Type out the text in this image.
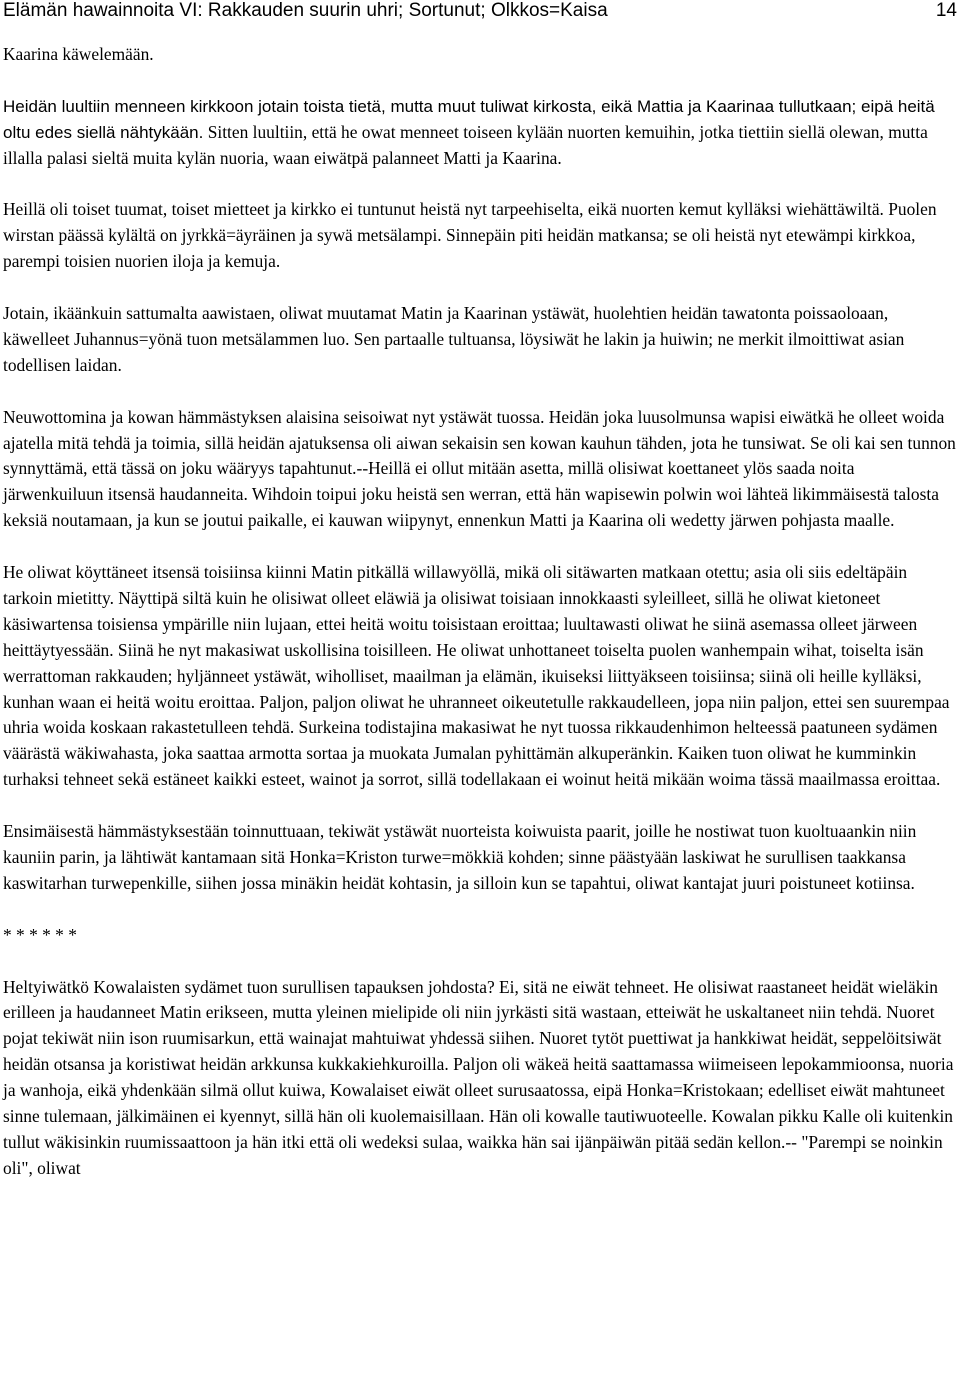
Elämän hawainnoita VI: Rakkauden suurin uhri; Sortunut; Olkkos=Kaisa	14

Kaarina käwelemään.

Heidän luultiin menneen kirkkoon jotain toista tietä, mutta muut tuliwat kirkosta, eikä Mattia ja Kaarinaa tullutkaan; eipä heitä oltu edes siellä nähtykään. Sitten luultiin, että he owat menneet toiseen kylään nuorten kemuihin, jotka tiettiin siellä olewan, mutta illalla palasi sieltä muita kylän nuoria, waan eiwätpä palanneet Matti ja Kaarina.

Heillä oli toiset tuumat, toiset mietteet ja kirkko ei tuntunut heistä nyt tarpeehiselta, eikä nuorten kemut kylläksi wiehättäwiltä. Puolen wirstan päässä kylältä on jyrkkä=äyräinen ja sywä metsälampi. Sinnepäin piti heidän matkansa; se oli heistä nyt etewämpi kirkkoa, parempi toisien nuorien iloja ja kemuja.

Jotain, ikäänkuin sattumalta aawistaen, oliwat muutamat Matin ja Kaarinan ystäwät, huolehtien heidän tawatonta poissaoloaan, käwelleet Juhannus=yönä tuon metsälammen luo. Sen partaalle tultuansa, löysiwät he lakin ja huiwin; ne merkit ilmoittiwat asian todellisen laidan.

Neuwottomina ja kowan hämmästyksen alaisina seisoiwat nyt ystäwät tuossa. Heidän joka luusolmunsa wapisi eiwätkä he olleet woida ajatella mitä tehdä ja toimia, sillä heidän ajatuksensa oli aiwan sekaisin sen kowan kauhun tähden, jota he tunsiwat. Se oli kai sen tunnon synnyttämä, että tässä on joku wääryys tapahtunut.--Heillä ei ollut mitään asetta, millä olisiwat koettaneet ylös saada noita järwenkuiluun itsensä haudanneita. Wihdoin toipui joku heistä sen werran, että hän wapisewin polwin woi lähteä likimmäisestä talosta keksiä noutamaan, ja kun se joutui paikalle, ei kauwan wiipynyt, ennenkun Matti ja Kaarina oli wedetty järwen pohjasta maalle.

He oliwat köyttäneet itsensä toisiinsa kiinni Matin pitkällä willawyöllä, mikä oli sitäwarten matkaan otettu; asia oli siis edeltäpäin tarkoin mietitty. Näyttipä siltä kuin he olisiwat olleet eläwiä ja olisiwat toisiaan innokkaasti syleilleet, sillä he oliwat kietoneet käsiwartensa toisiensa ympärille niin lujaan, ettei heitä woitu toisistaan eroittaa; luultawasti oliwat he siinä asemassa olleet järween heittäytyessään. Siinä he nyt makasiwat uskollisina toisilleen. He oliwat unhottaneet toiselta puolen wanhempain wihat, toiselta isän werrattoman rakkauden; hyljänneet ystäwät, wiholliset, maailman ja elämän, ikuiseksi liittyäkseen toisiinsa; siinä oli heille kylläksi, kunhan waan ei heitä woitu eroittaa. Paljon, paljon oliwat he uhranneet oikeutetulle rakkaudelleen, jopa niin paljon, ettei sen suurempaa uhria woida koskaan rakastetulleen tehdä. Surkeina todistajina makasiwat he nyt tuossa rikkaudenhimon helteessä paatuneen sydämen väärästä wäkiwahasta, joka saattaa armotta sortaa ja muokata Jumalan pyhittämän alkuperänkin. Kaiken tuon oliwat he kumminkin turhaksi tehneet sekä estäneet kaikki esteet, wainot ja sorrot, sillä todellakaan ei woinut heitä mikään woima tässä maailmassa eroittaa.

Ensimäisestä hämmästyksestään toinnuttuaan, tekiwät ystäwät nuorteista koiwuista paarit, joille he nostiwat tuon kuoltuaankin niin kauniin parin, ja lähtiwät kantamaan sitä Honka=Kriston turwe=mökkiä kohden; sinne päästyään laskiwat he surullisen taakkansa kaswitarhan turwepenkille, siihen jossa minäkin heidät kohtasin, ja silloin kun se tapahtui, oliwat kantajat juuri poistuneet kotiinsa.

* * * * * *

Heltyiwätkö Kowalaisten sydämet tuon surullisen tapauksen johdosta? Ei, sitä ne eiwät tehneet. He olisiwat raastaneet heidät wieläkin erilleen ja haudanneet Matin erikseen, mutta yleinen mielipide oli niin jyrkästi sitä wastaan, etteiwät he uskaltaneet niin tehdä. Nuoret pojat tekiwät niin ison ruumisarkun, että wainajat mahtuiwat yhdessä siihen. Nuoret tytöt puettiwat ja hankkiwat heidät, seppelöitsiwät heidän otsansa ja koristiwat heidän arkkunsa kukkakiehkuroilla. Paljon oli wäkeä heitä saattamassa wiimeiseen lepokammioonsa, nuoria ja wanhoja, eikä yhdenkään silmä ollut kuiwa, Kowalaiset eiwät olleet surusaatossa, eipä Honka=Kristokaan; edelliset eiwät mahtuneet sinne tulemaan, jälkimäinen ei kyennyt, sillä hän oli kuolemaisillaan. Hän oli kowalle tautiwuoteelle. Kowalan pikku Kalle oli kuitenkin tullut wäkisinkin ruumissaattoon ja hän itki että oli wedeksi sulaa, waikka hän sai ijänpäiwän pitää sedän kellon.-- "Parempi se noinkin oli", oliwat
